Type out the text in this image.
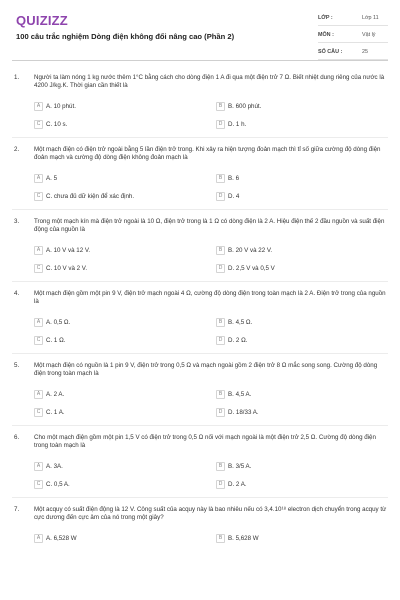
QUIZIZZ
100 câu trắc nghiệm Dòng điện không đổi nâng cao (Phần 2)
LỚP :	Lớp 11
MÔN :	Vật lý
SỐ CÂU :	25
1. Người ta làm nóng 1 kg nước thêm 1°C bằng cách cho dòng điện 1 A đi qua một điện trở 7 Ω. Biết nhiệt dung riêng của nước là 4200 J/kg.K. Thời gian cần thiết là
A A. 10 phút.	B B. 600 phút.
C C. 10 s.	D D. 1 h.
2. Một mạch điện có điện trở ngoài bằng 5 lần điện trở trong. Khi xảy ra hiện tượng đoản mạch thì tỉ số giữa cường độ dòng điện đoản mạch và cường độ dòng điện không đoản mạch là
A A. 5	B B. 6
C C. chưa đủ dữ kiện để xác định.	D D. 4
3. Trong một mạch kín mà điện trở ngoài là 10 Ω, điện trở trong là 1 Ω có dòng điện là 2 A. Hiệu điện thế 2 đầu nguồn và suất điện động của nguồn là
A A. 10 V và 12 V.	B B. 20 V và 22 V.
C C. 10 V và 2 V.	D D. 2,5 V và 0,5 V
4. Một mạch điện gồm một pin 9 V, điện trở mạch ngoài 4 Ω, cường độ dòng điện trong toàn mạch là 2 A. Điện trở trong của nguồn là
A A. 0,5 Ω.	B B. 4,5 Ω.
C C. 1 Ω.	D D. 2 Ω.
5. Một mạch điện có nguồn là 1 pin 9 V, điện trở trong 0,5 Ω và mạch ngoài gồm 2 điện trở 8 Ω mắc song song. Cường độ dòng điện trong toàn mạch là
A A. 2 A.	B B. 4,5 A.
C C. 1 A.	D D. 18/33 A.
6. Cho một mạch điện gồm một pin 1,5 V có điện trở trong 0,5 Ω nối với mạch ngoài là một điện trở 2,5 Ω. Cường độ dòng điện trong toàn mạch là
A A. 3A.	B B. 3/5 A.
C C. 0,5 A.	D D. 2 A.
7. Một acquy có suất điện động là 12 V. Công suất của acquy này là bao nhiêu nếu có 3,4.10¹⁸ electron dịch chuyển trong acquy từ cực dương đến cực âm của nó trong một giây?
A A. 6,528 W	B B. 5,628 W
